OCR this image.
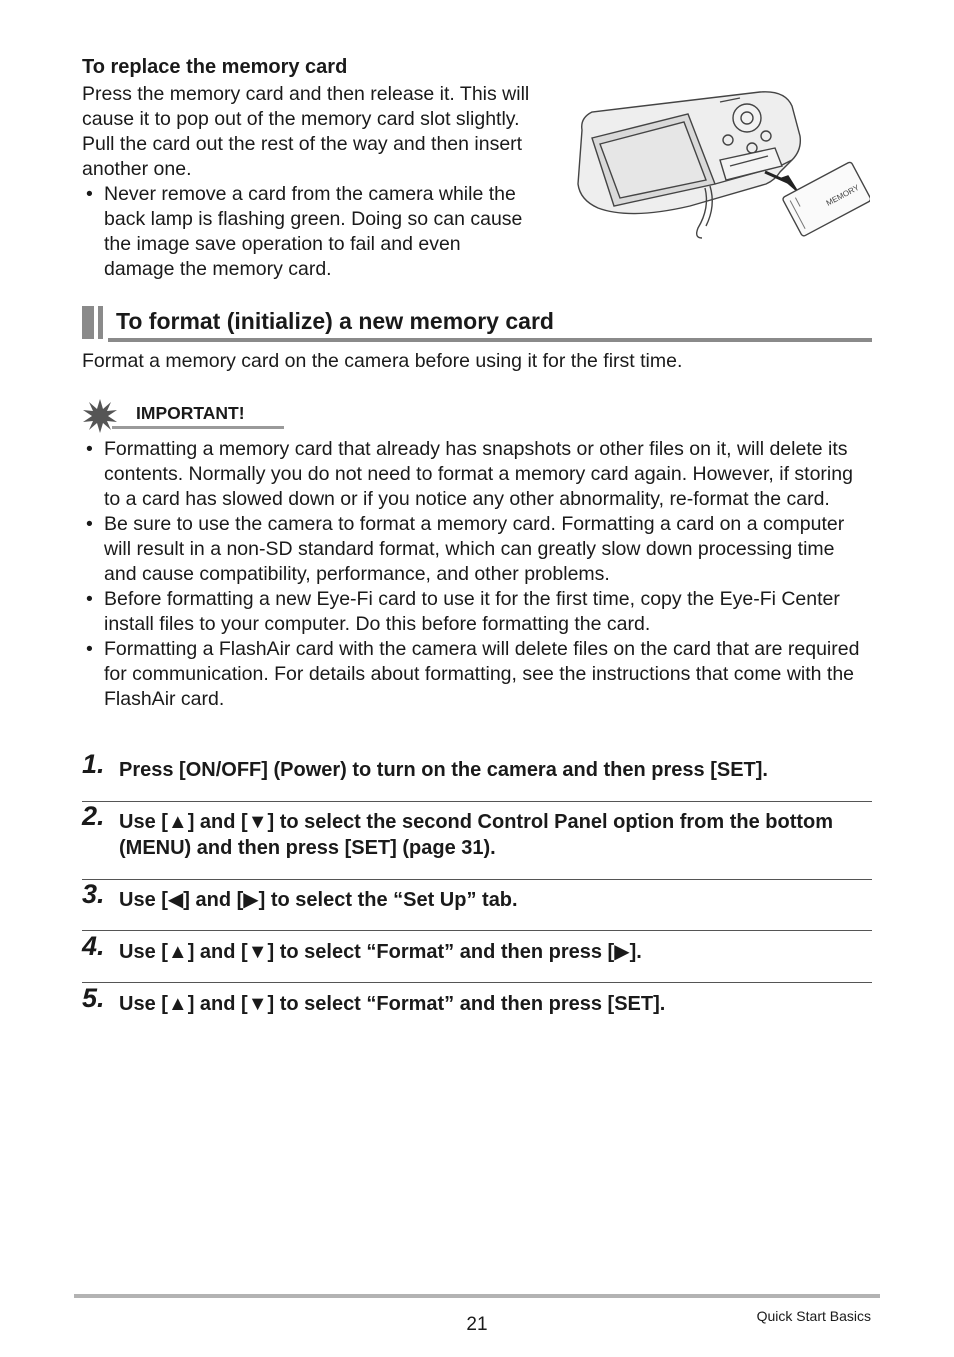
To replace the memory card
Press the memory card and then release it. This will cause it to pop out of the memory card slot slightly. Pull the card out the rest of the way and then insert another one.
• Never remove a card from the camera while the back lamp is flashing green. Doing so can cause the image save operation to fail and even damage the memory card.
MEMORY
To format (initialize) a new memory card
Format a memory card on the camera before using it for the first time.
IMPORTANT!
• Formatting a memory card that already has snapshots or other files on it, will delete its contents. Normally you do not need to format a memory card again. However, if storing to a card has slowed down or if you notice any other abnormality, re-format the card.
• Be sure to use the camera to format a memory card. Formatting a card on a computer will result in a non-SD standard format, which can greatly slow down processing time and cause compatibility, performance, and other problems.
• Before formatting a new Eye-Fi card to use it for the first time, copy the Eye-Fi Center install files to your computer. Do this before formatting the card.
• Formatting a FlashAir card with the camera will delete files on the card that are required for communication. For details about formatting, see the instructions that come with the FlashAir card.
1. Press [ON/OFF] (Power) to turn on the camera and then press [SET].
2. Use [▲] and [▼] to select the second Control Panel option from the bottom (MENU) and then press [SET] (page 31).
3. Use [◀] and [▶] to select the “Set Up” tab.
4. Use [▲] and [▼] to select “Format” and then press [▶].
5. Use [▲] and [▼] to select “Format” and then press [SET].
21	Quick Start Basics
